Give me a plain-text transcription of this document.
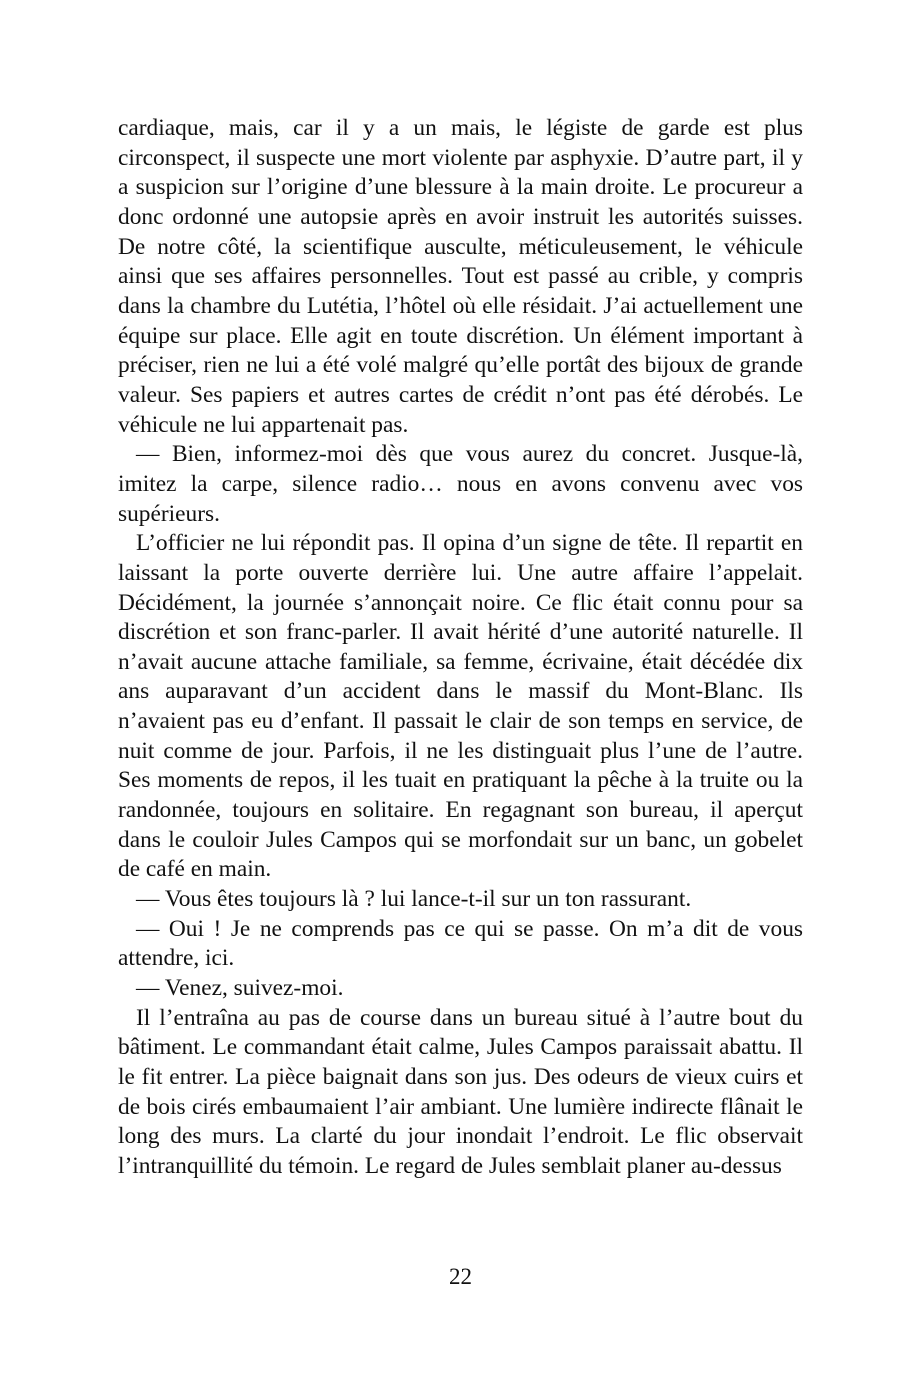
cardiaque, mais, car il y a un mais, le légiste de garde est plus circonspect, il suspecte une mort violente par asphyxie. D’autre part, il y a suspicion sur l’origine d’une blessure à la main droite. Le procureur a donc ordonné une autopsie après en avoir instruit les autorités suisses. De notre côté, la scientifique ausculte, méticuleusement, le véhicule ainsi que ses affaires personnelles. Tout est passé au crible, y compris dans la chambre du Lutétia, l’hôtel où elle résidait. J’ai actuellement une équipe sur place. Elle agit en toute discrétion. Un élément important à préciser, rien ne lui a été volé malgré qu’elle portât des bijoux de grande valeur. Ses papiers et autres cartes de crédit n’ont pas été dérobés. Le véhicule ne lui appartenait pas.

— Bien, informez-moi dès que vous aurez du concret. Jusque-là, imitez la carpe, silence radio… nous en avons convenu avec vos supérieurs.

L’officier ne lui répondit pas. Il opina d’un signe de tête. Il repartit en laissant la porte ouverte derrière lui. Une autre affaire l’appelait. Décidément, la journée s’annonçait noire. Ce flic était connu pour sa discrétion et son franc-parler. Il avait hérité d’une autorité naturelle. Il n’avait aucune attache familiale, sa femme, écrivaine, était décédée dix ans auparavant d’un accident dans le massif du Mont-Blanc. Ils n’avaient pas eu d’enfant. Il passait le clair de son temps en service, de nuit comme de jour. Parfois, il ne les distinguait plus l’une de l’autre. Ses moments de repos, il les tuait en pratiquant la pêche à la truite ou la randonnée, toujours en solitaire. En regagnant son bureau, il aperçut dans le couloir Jules Campos qui se morfondait sur un banc, un gobelet de café en main.

— Vous êtes toujours là ? lui lance-t-il sur un ton rassurant.

— Oui ! Je ne comprends pas ce qui se passe. On m’a dit de vous attendre, ici.

— Venez, suivez-moi.

Il l’entraîna au pas de course dans un bureau situé à l’autre bout du bâtiment. Le commandant était calme, Jules Campos paraissait abattu. Il le fit entrer. La pièce baignait dans son jus. Des odeurs de vieux cuirs et de bois cirés embaumaient l’air ambiant. Une lumière indirecte flânait le long des murs. La clarté du jour inondait l’endroit. Le flic observait l’intranquillité du témoin. Le regard de Jules semblait planer au-dessus

22
